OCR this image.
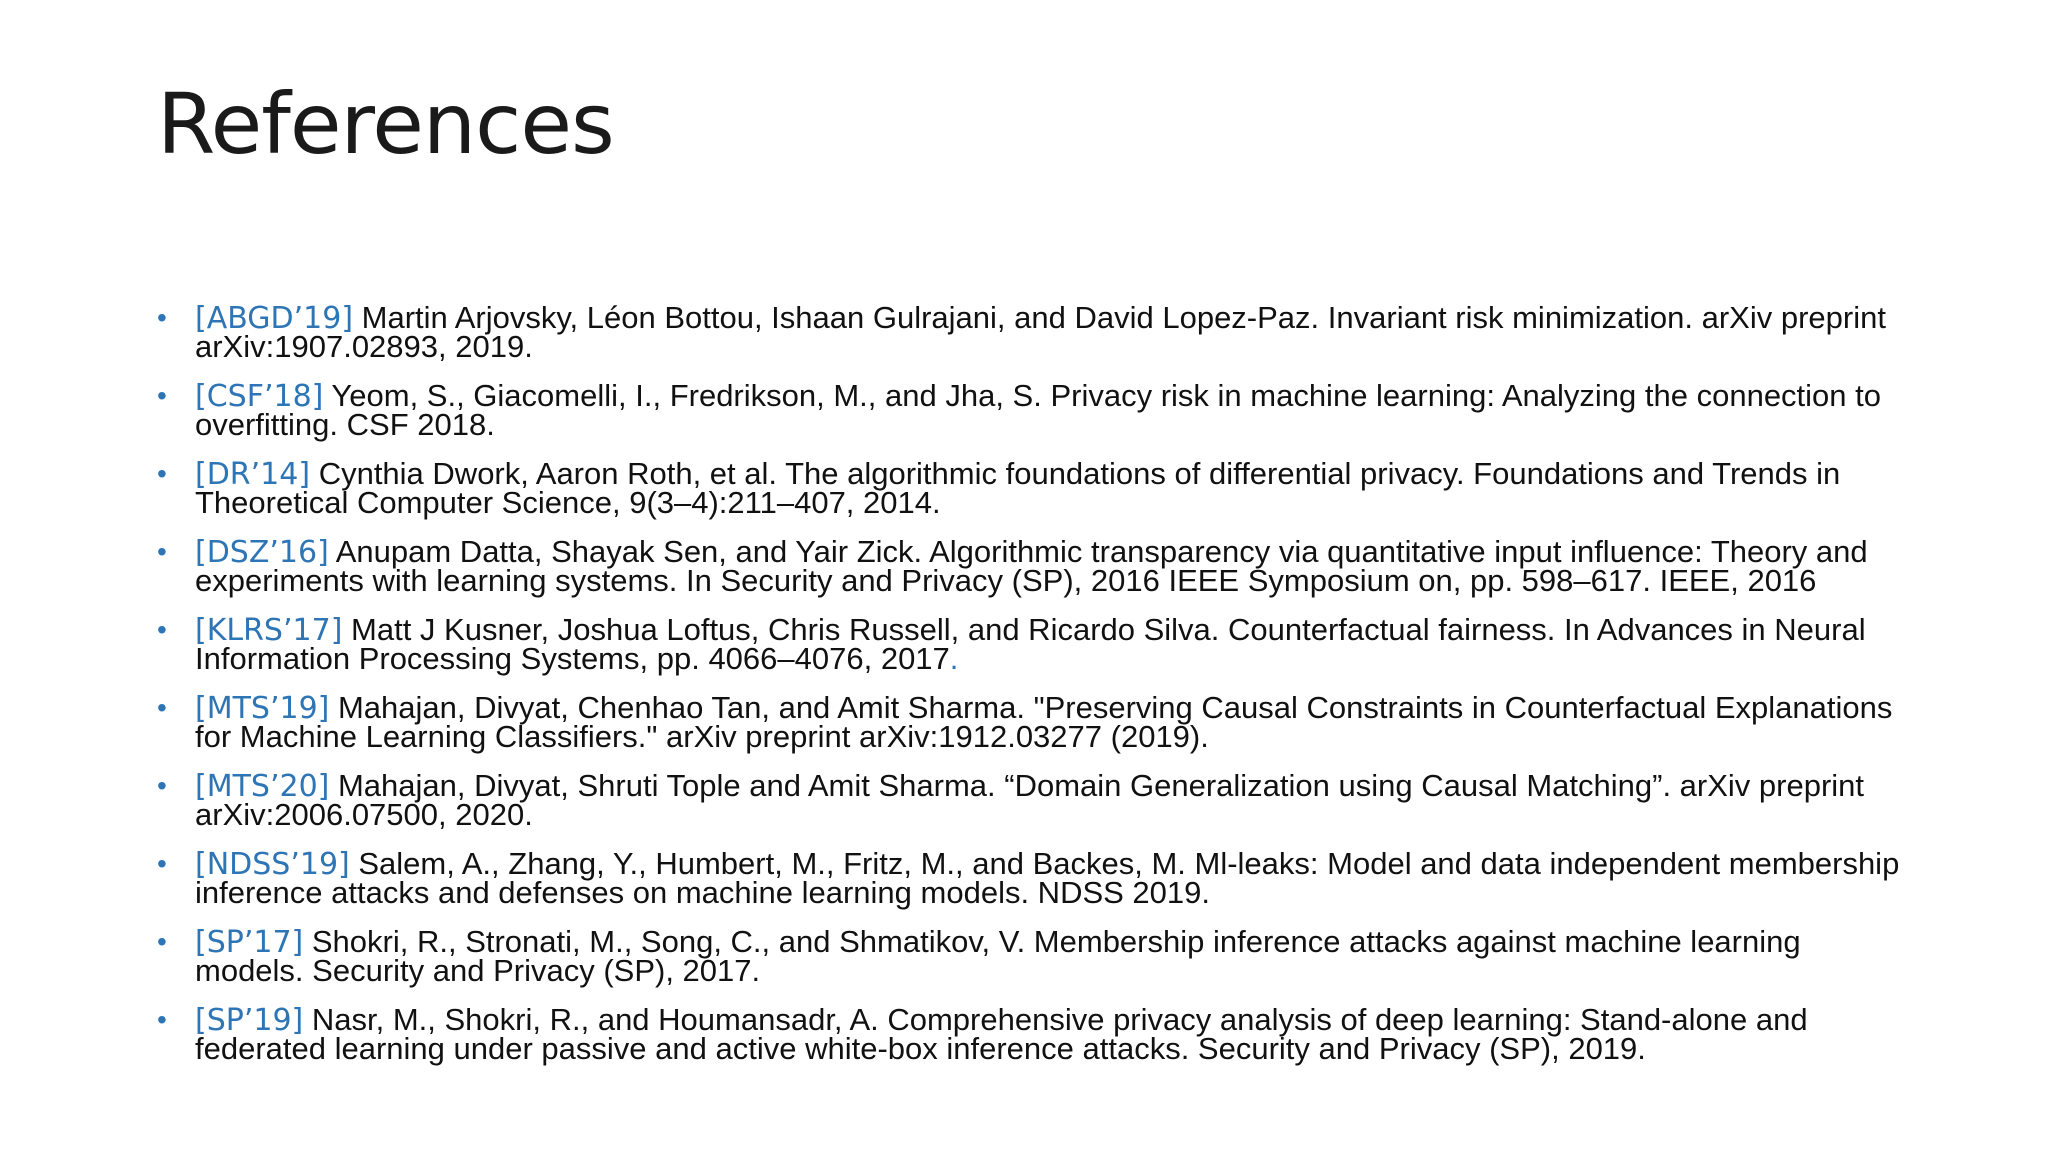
References
• [ABGD’19] Martin Arjovsky, Léon Bottou, Ishaan Gulrajani, and David Lopez-Paz. Invariant risk minimization. arXiv preprint arXiv:1907.02893, 2019.
• [CSF’18] Yeom, S., Giacomelli, I., Fredrikson, M., and Jha, S. Privacy risk in machine learning: Analyzing the connection to overfitting. CSF 2018.
• [DR’14] Cynthia Dwork, Aaron Roth, et al. The algorithmic foundations of differential privacy. Foundations and Trends in Theoretical Computer Science, 9(3–4):211–407, 2014.
• [DSZ’16] Anupam Datta, Shayak Sen, and Yair Zick. Algorithmic transparency via quantitative input influence: Theory and experiments with learning systems. In Security and Privacy (SP), 2016 IEEE Symposium on, pp. 598–617. IEEE, 2016
• [KLRS’17] Matt J Kusner, Joshua Loftus, Chris Russell, and Ricardo Silva. Counterfactual fairness. In Advances in Neural Information Processing Systems, pp. 4066–4076, 2017.
• [MTS’19] Mahajan, Divyat, Chenhao Tan, and Amit Sharma. "Preserving Causal Constraints in Counterfactual Explanations for Machine Learning Classifiers." arXiv preprint arXiv:1912.03277 (2019).
• [MTS’20] Mahajan, Divyat, Shruti Tople and Amit Sharma. “Domain Generalization using Causal Matching”. arXiv preprint arXiv:2006.07500, 2020.
• [NDSS’19] Salem, A., Zhang, Y., Humbert, M., Fritz, M., and Backes, M. Ml-leaks: Model and data independent membership inference attacks and defenses on machine learning models. NDSS 2019.
• [SP’17] Shokri, R., Stronati, M., Song, C., and Shmatikov, V. Membership inference attacks against machine learning models. Security and Privacy (SP), 2017.
• [SP’19] Nasr, M., Shokri, R., and Houmansadr, A. Comprehensive privacy analysis of deep learning: Stand-alone and federated learning under passive and active white-box inference attacks. Security and Privacy (SP), 2019.
